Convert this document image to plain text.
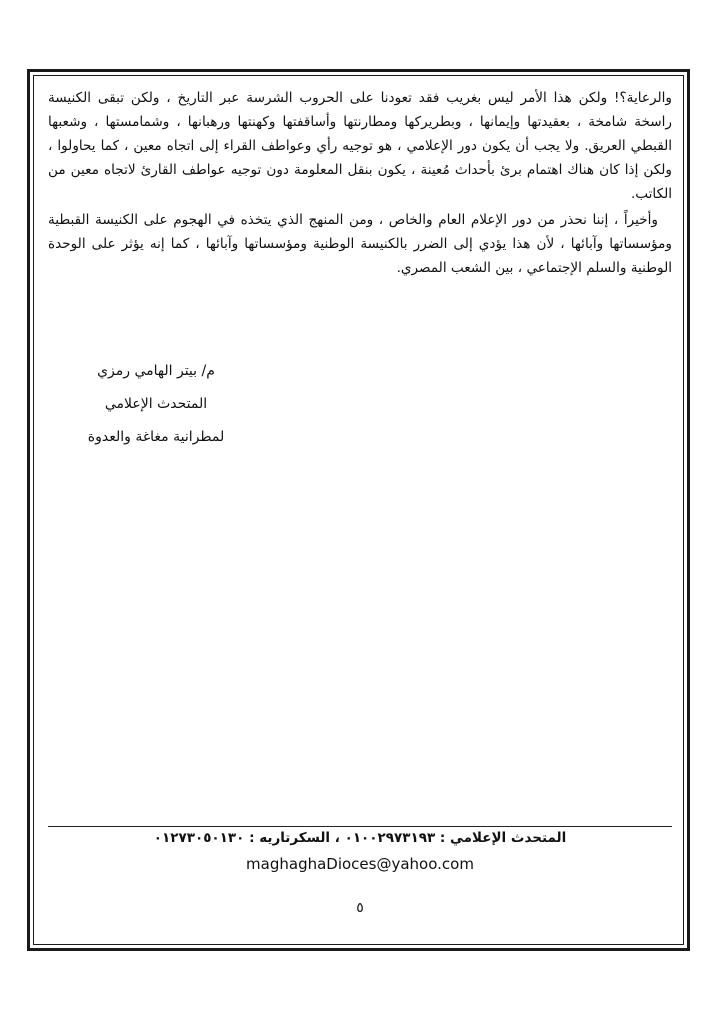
والرعاية؟! ولكن هذا الأمر ليس بغريب فقد تعودنا على الحروب الشرسة عبر التاريخ ، ولكن تبقى الكنيسة راسخة شامخة ، بعقيدتها وإيمانها ، وبطريركها ومطارنتها وأساقفتها وكهنتها ورهبانها ، وشمامستها ، وشعبها القبطي العريق. ولا يجب أن يكون دور الإعلامي ، هو توجيه رأي وعواطف القراء إلى اتجاه معين ، كما يحاولوا ، ولكن إذا كان هناك اهتمام برئ بأحداث مُعينة ، يكون بنقل المعلومة دون توجيه عواطف القارئ لاتجاه معين من الكاتب.

وأخيراً ، إننا نحذر من دور الإعلام العام والخاص ، ومن المنهج الذي يتخذه في الهجوم على الكنيسة القبطية ومؤسساتها وآبائها ، لأن هذا يؤدي إلى الضرر بالكنيسة الوطنية ومؤسساتها وآبائها ، كما إنه يؤثر على الوحدة الوطنية والسلم الإجتماعي ، بين الشعب المصري.

م/ بيتر الهامي رمزي
المتحدث الإعلامي
لمطرانية مغاغة والعدوة
المتحدث الإعلامي : ٠١٠٠٢٩٧٣١٩٣ ، السكرتاريه : ٠١٢٧٣٠٥٠١٣٠
maghaghaDioces@yahoo.com
٥
